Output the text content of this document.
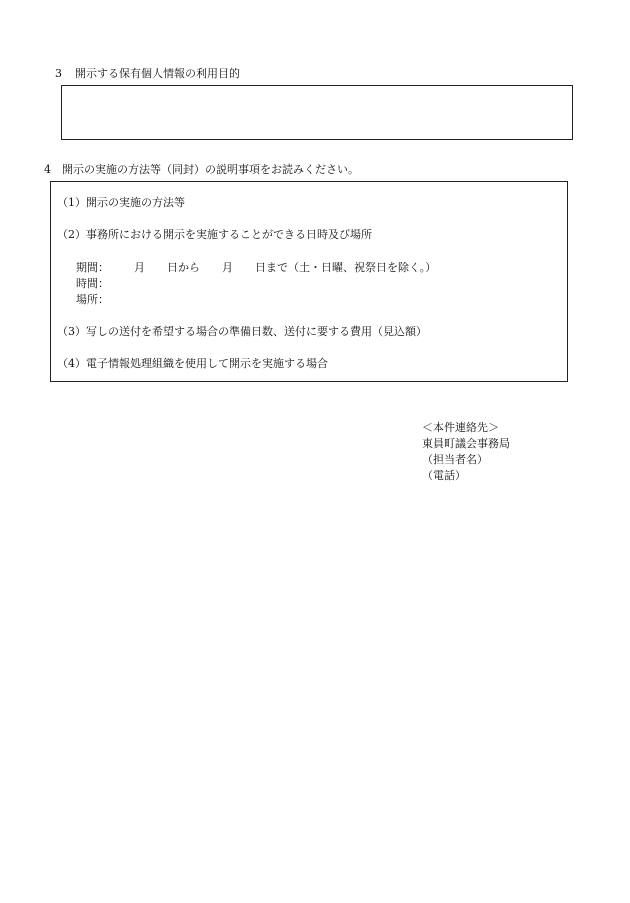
3 開示する保有個人情報の利用目的
4 開示の実施の方法等（同封）の説明事項をお読みください。
（1）開示の実施の方法等
（2）事務所における開示を実施することができる日時及び場所
期間： 月 日から 月 日まで（土・日曜、祝祭日を除く。）
時間：
場所：
（3）写しの送付を希望する場合の準備日数、送付に要する費用（見込額）
（4）電子情報処理組織を使用して開示を実施する場合
＜本件連絡先＞
東員町議会事務局
（担当者名）
（電話）
